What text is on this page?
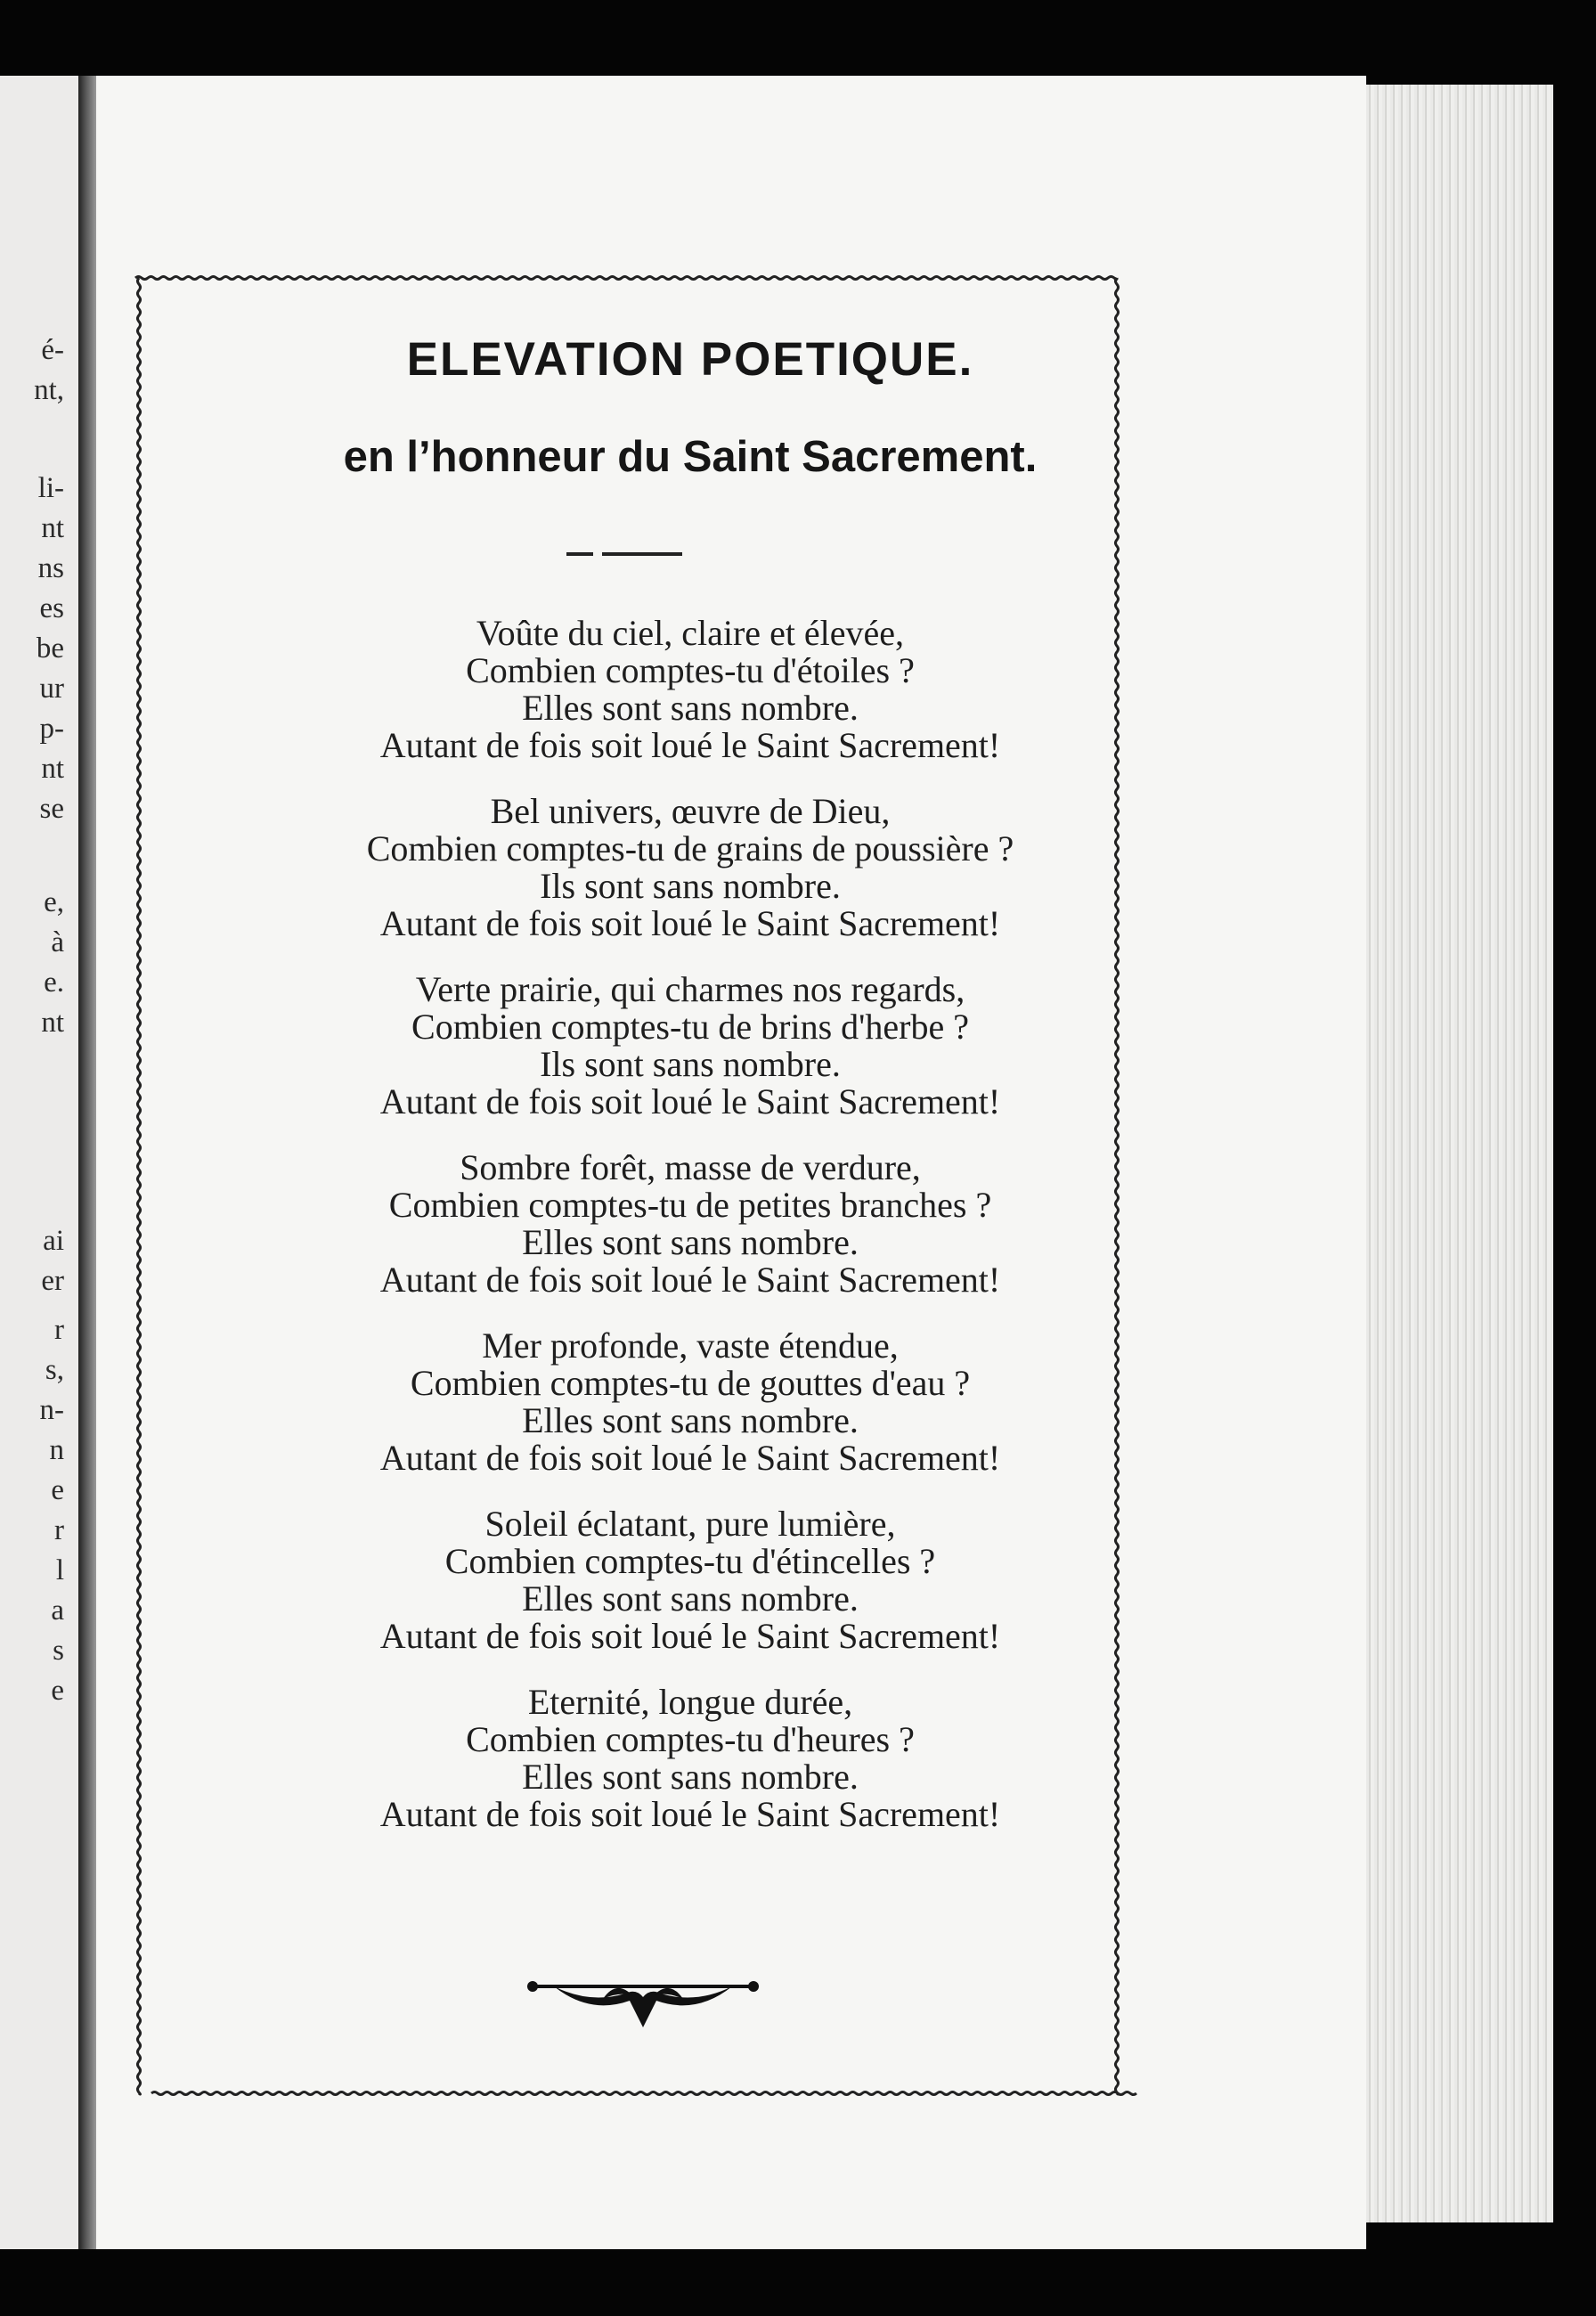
é-
nt,
li-
nt
ns
es
be
ur
p-
nt
se
e,
à
e.
nt
ai
er
r
s,
n-
n
e
r
l
a
s
e
ELEVATION POETIQUE.
en l’honneur du Saint Sacrement.
Voûte du ciel, claire et élevée,
Combien comptes-tu d'étoiles ?
Elles sont sans nombre.
Autant de fois soit loué le Saint Sacrement!
Bel univers, œuvre de Dieu,
Combien comptes-tu de grains de poussière ?
Ils sont sans nombre.
Autant de fois soit loué le Saint Sacrement!
Verte prairie, qui charmes nos regards,
Combien comptes-tu de brins d'herbe ?
Ils sont sans nombre.
Autant de fois soit loué le Saint Sacrement!
Sombre forêt, masse de verdure,
Combien comptes-tu de petites branches ?
Elles sont sans nombre.
Autant de fois soit loué le Saint Sacrement!
Mer profonde, vaste étendue,
Combien comptes-tu de gouttes d'eau ?
Elles sont sans nombre.
Autant de fois soit loué le Saint Sacrement!
Soleil éclatant, pure lumière,
Combien comptes-tu d'étincelles ?
Elles sont sans nombre.
Autant de fois soit loué le Saint Sacrement!
Eternité, longue durée,
Combien comptes-tu d'heures ?
Elles sont sans nombre.
Autant de fois soit loué le Saint Sacrement!
